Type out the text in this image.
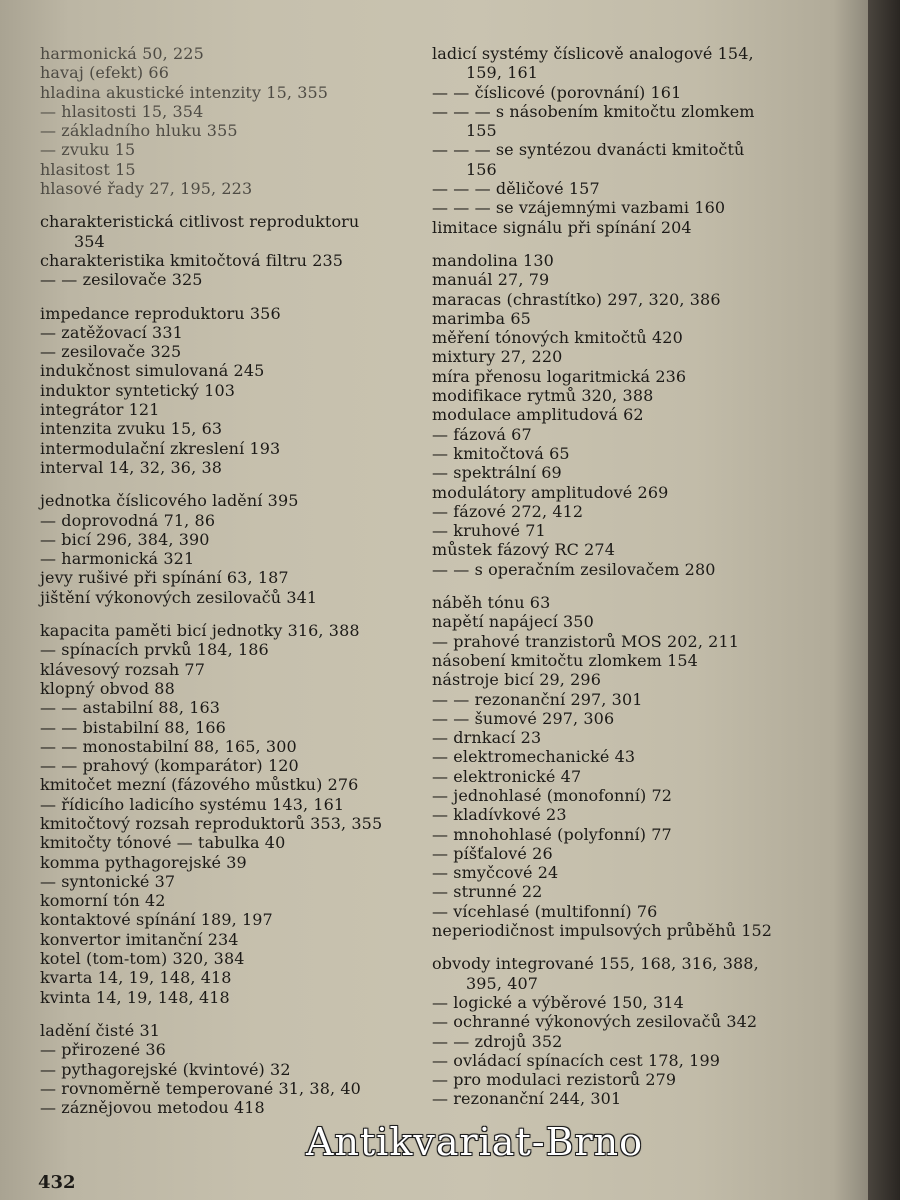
harmonická 50, 225
havaj (efekt) 66
hladina akustické intenzity 15, 355
— hlasitosti 15, 354
— základního hluku 355
— zvuku 15
hlasitost 15
hlasové řady 27, 195, 223
charakteristická citlivost reproduktoru
354
charakteristika kmitočtová filtru 235
— — zesilovače 325
impedance reproduktoru 356
— zatěžovací 331
— zesilovače 325
indukčnost simulovaná 245
induktor syntetický 103
integrátor 121
intenzita zvuku 15, 63
intermodulační zkreslení 193
interval 14, 32, 36, 38
jednotka číslicového ladění 395
— doprovodná 71, 86
— bicí 296, 384, 390
— harmonická 321
jevy rušivé při spínání 63, 187
jištění výkonových zesilovačů 341
kapacita paměti bicí jednotky 316, 388
— spínacích prvků 184, 186
klávesový rozsah 77
klopný obvod 88
— — astabilní 88, 163
— — bistabilní 88, 166
— — monostabilní 88, 165, 300
— — prahový (komparátor) 120
kmitočet mezní (fázového můstku) 276
— řídicího ladicího systému 143, 161
kmitočtový rozsah reproduktorů 353, 355
kmitočty tónové — tabulka 40
komma pythagorejské 39
— syntonické 37
komorní tón 42
kontaktové spínání 189, 197
konvertor imitanční 234
kotel (tom-tom) 320, 384
kvarta 14, 19, 148, 418
kvinta 14, 19, 148, 418
ladění čisté 31
— přirozené 36
— pythagorejské (kvintové) 32
— rovnoměrně temperované 31, 38, 40
— záznějovou metodou 418
ladicí systémy číslicově analogové 154,
159, 161
— — číslicové (porovnání) 161
— — — s násobením kmitočtu zlomkem
155
— — — se syntézou dvanácti kmitočtů
156
— — — děličové 157
— — — se vzájemnými vazbami 160
limitace signálu při spínání 204
mandolina 130
manuál 27, 79
maracas (chrastítko) 297, 320, 386
marimba 65
měření tónových kmitočtů 420
mixtury 27, 220
míra přenosu logaritmická 236
modifikace rytmů 320, 388
modulace amplitudová 62
— fázová 67
— kmitočtová 65
— spektrální 69
modulátory amplitudové 269
— fázové 272, 412
— kruhové 71
můstek fázový RC 274
— — s operačním zesilovačem 280
náběh tónu 63
napětí napájecí 350
— prahové tranzistorů MOS 202, 211
násobení kmitočtu zlomkem 154
nástroje bicí 29, 296
— — rezonanční 297, 301
— — šumové 297, 306
— drnkací 23
— elektromechanické 43
— elektronické 47
— jednohlasé (monofonní) 72
— kladívkové 23
— mnohohlasé (polyfonní) 77
— píšťalové 26
— smyčcové 24
— strunné 22
— vícehlasé (multifonní) 76
neperiodičnost impulsových průběhů 152
obvody integrované 155, 168, 316, 388,
395, 407
— logické a výběrové 150, 314
— ochranné výkonových zesilovačů 342
— — zdrojů 352
— ovládací spínacích cest 178, 199
— pro modulaci rezistorů 279
— rezonanční 244, 301
432
Antikvariat-Brno
